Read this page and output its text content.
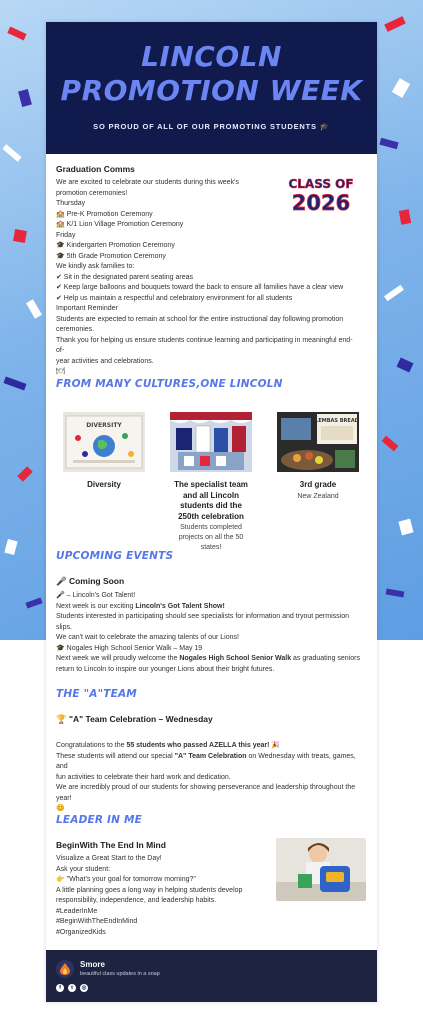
LINCOLN PROMOTION WEEK
SO PROUD OF ALL OF OUR PROMOTING STUDENTS 🎓
CLASS OF
2026
Graduation Comms
We are excited to celebrate our students during this week's
promotion ceremonies!
Thursday
🏫 Pre-K Promotion Ceremony
🏫 K/1 Lion Village Promotion Ceremony
Friday
🎓 Kindergarten Promotion Ceremony
🎓 5th Grade Promotion Ceremony
We kindly ask families to:
✔ Sit in the designated parent seating areas
✔ Keep large balloons and bouquets toward the back to ensure all families have a clear view
✔ Help us maintain a respectful and celebratory environment for all students
Important Reminder
Students are expected to remain at school for the entire instructional day following promotion
ceremonies.
Thank you for helping us ensure students continue learning and participating in meaningful end-of-
year activities and celebrations.
🍽
FROM MANY CULTURES,ONE LINCOLN
DIVERSITY
Diversity	The specialist team and all Lincoln students did the 250th celebration
Students completed projects on all the 50 states!
LEMBAS BREAD
3rd grade
New Zealand
UPCOMING EVENTS
🎤 Coming Soon
🎤 – Lincoln's Got Talent!
Next week is our exciting Lincoln's Got Talent Show!
Students interested in participating should see specialists for information and tryout permission
slips.
We can't wait to celebrate the amazing talents of our Lions!
🎓 Nogales High School Senior Walk – May 19
Next week we will proudly welcome the Nogales High School Senior Walk as graduating seniors
return to Lincoln to inspire our younger Lions about their bright futures.
THE "A"TEAM
🏆 "A" Team Celebration – Wednesday
Congratulations to the 55 students who passed AZELLA this year! 🎉
These students will attend our special "A" Team Celebration on Wednesday with treats, games, and
fun activities to celebrate their hard work and dedication.
We are incredibly proud of our students for showing perseverance and leadership throughout the
year!
😊
LEADER IN ME
BeginWith The End In Mind
Visualize a Great Start to the Day!
Ask your student:
👉 "What's your goal for tomorrow morning?"
A little planning goes a long way in helping students develop
responsibility, independence, and leadership habits.
#LeaderInMe
#BeginWithTheEndInMind
#OrganizedKids
Smore
beautiful class updates in a snap
f	t	◎
